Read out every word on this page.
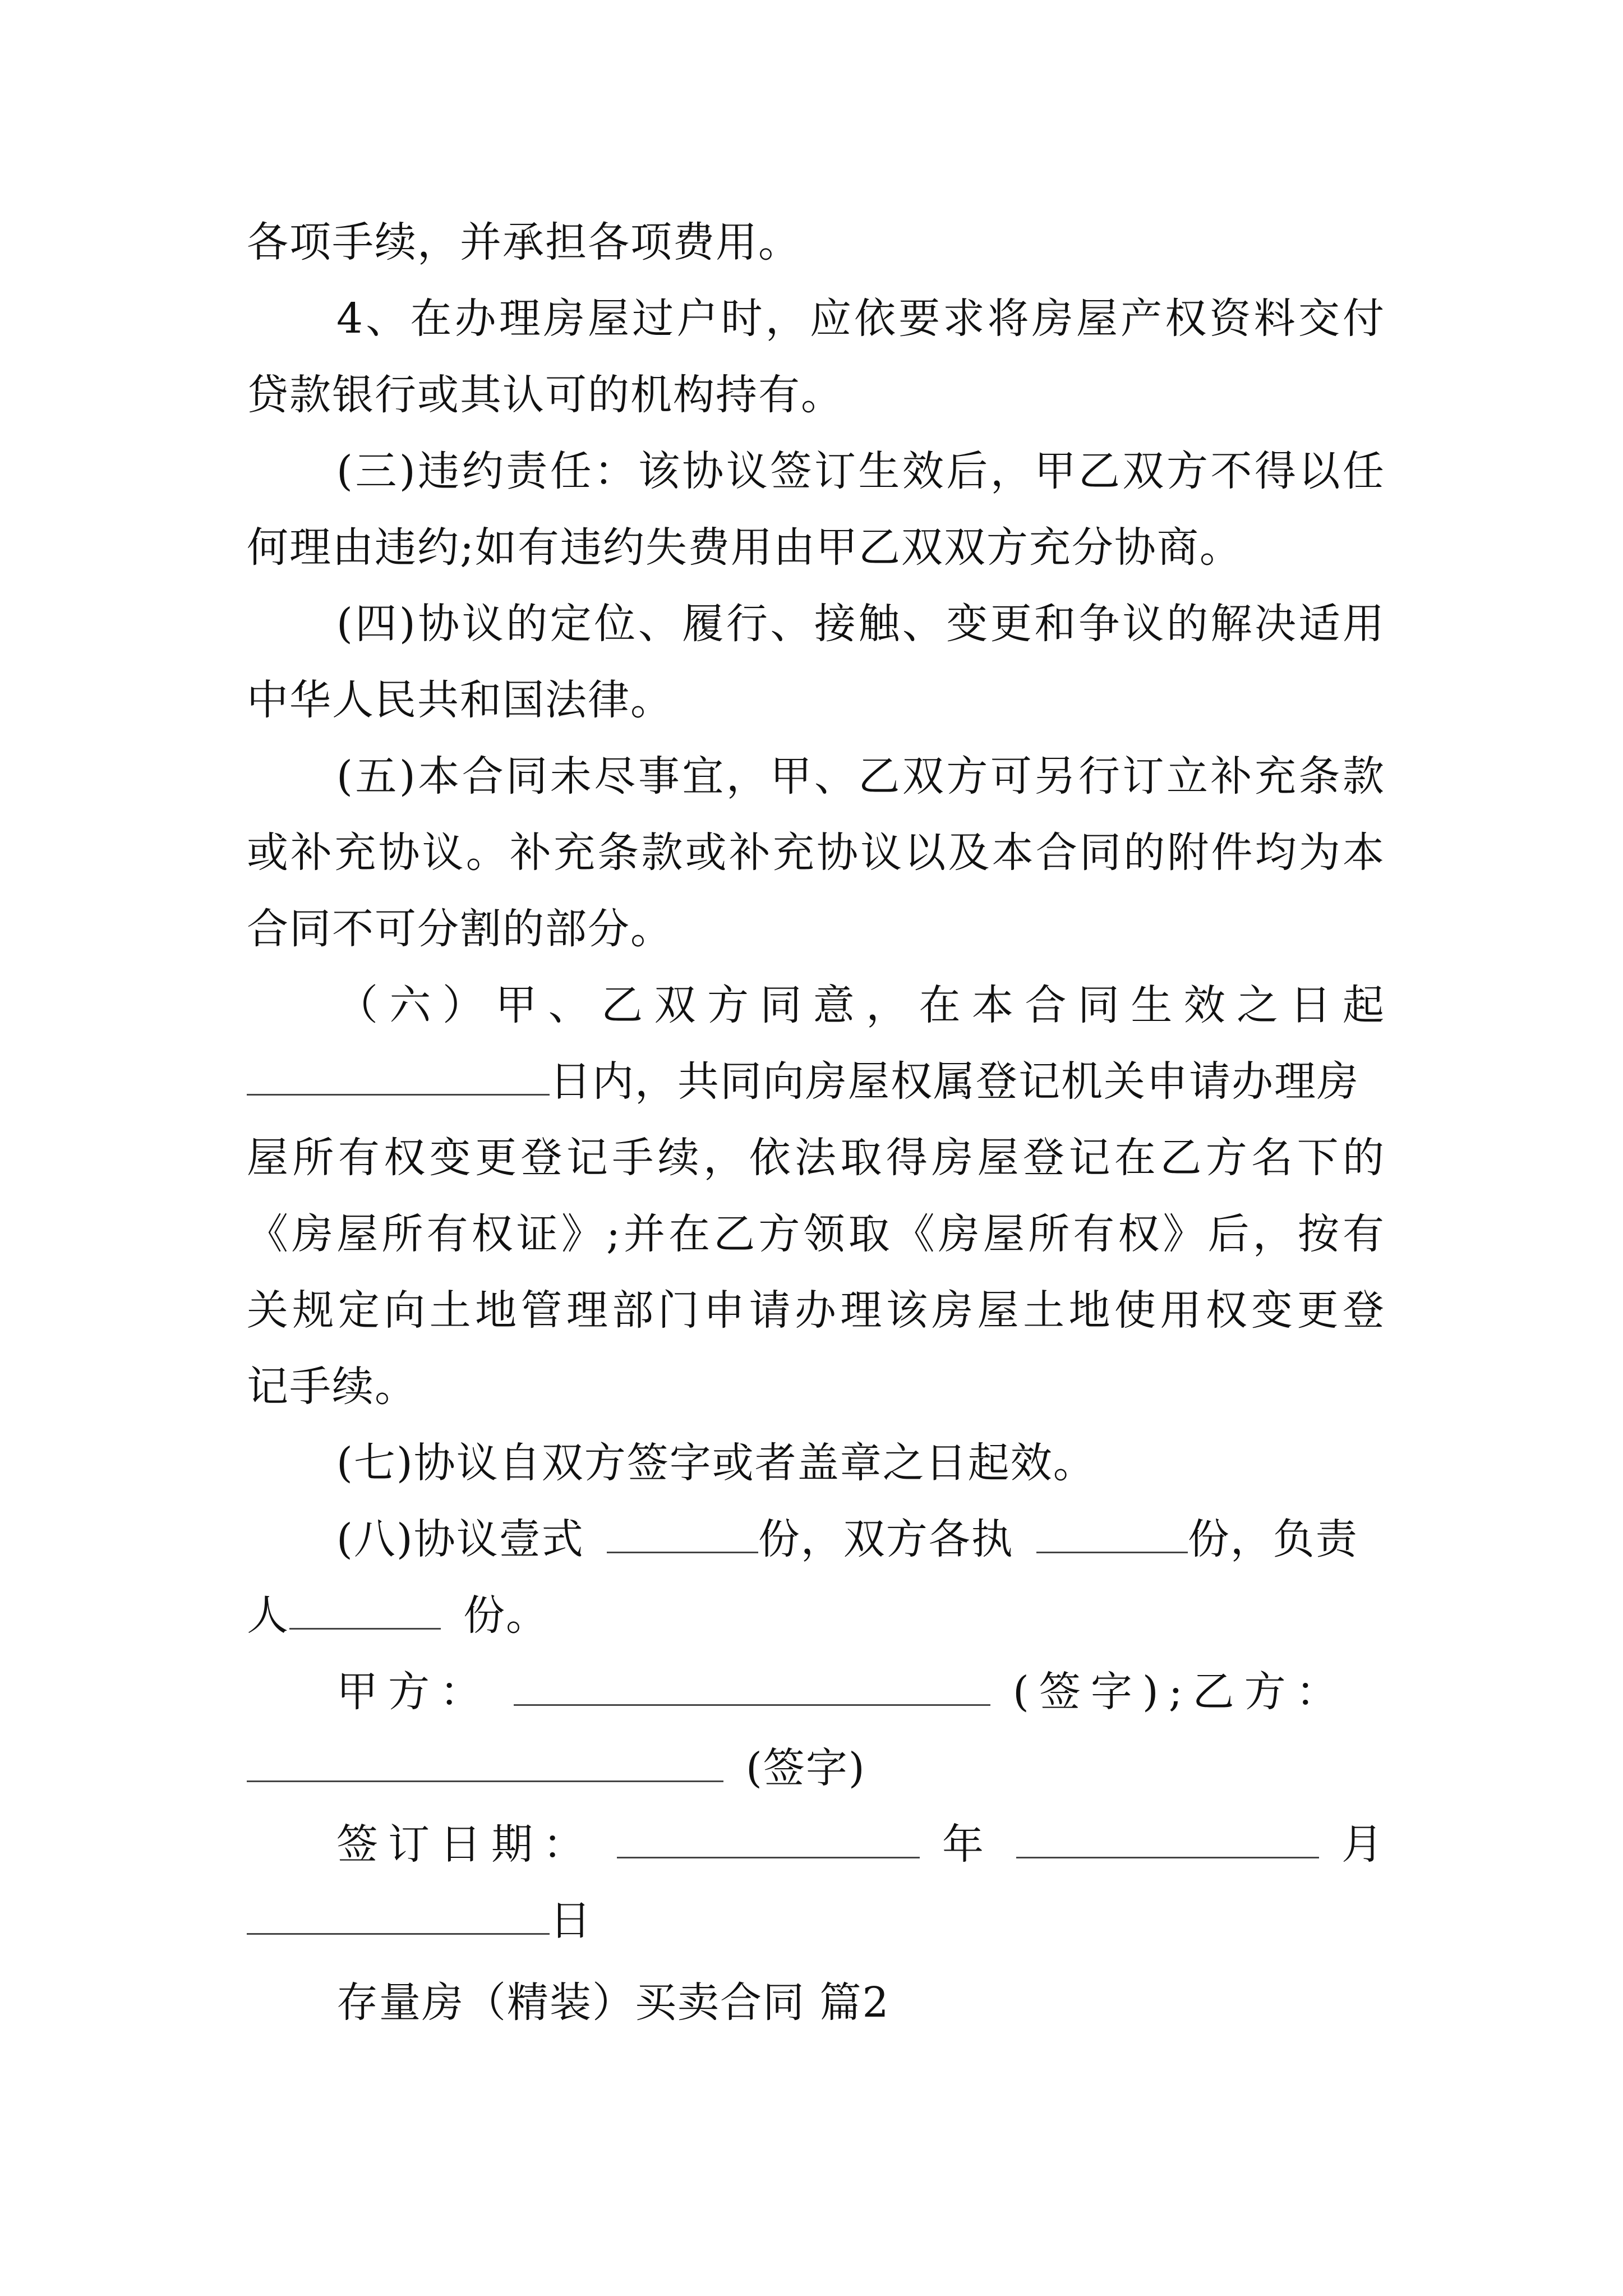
各项手续，并承担各项费用。
4、在办理房屋过户时，应依要求将房屋产权资料交付
贷款银行或其认可的机构持有。
(三)违约责任：该协议签订生效后，甲乙双方不得以任
何理由违约;如有违约失费用由甲乙双双方充分协商。
(四)协议的定位、履行、接触、变更和争议的解决适用
中华人民共和国法律。
(五)本合同未尽事宜，甲、乙双方可另行订立补充条款
或补充协议。补充条款或补充协议以及本合同的附件均为本
合同不可分割的部分。
（六）甲、乙双方同意，在本合同生效之日起
日内，共同向房屋权属登记机关申请办理房
屋所有权变更登记手续，依法取得房屋登记在乙方名下的
《房屋所有权证》;并在乙方领取《房屋所有权》后，按有
关规定向土地管理部门申请办理该房屋土地使用权变更登
记手续。
(七)协议自双方签字或者盖章之日起效。
(八)协议壹式	份，双方各执	份，负责
人	份。
甲方：	(签字);乙方：
(签字)
签订日期：	年	月
日
存量房（精装）买卖合同 篇2
